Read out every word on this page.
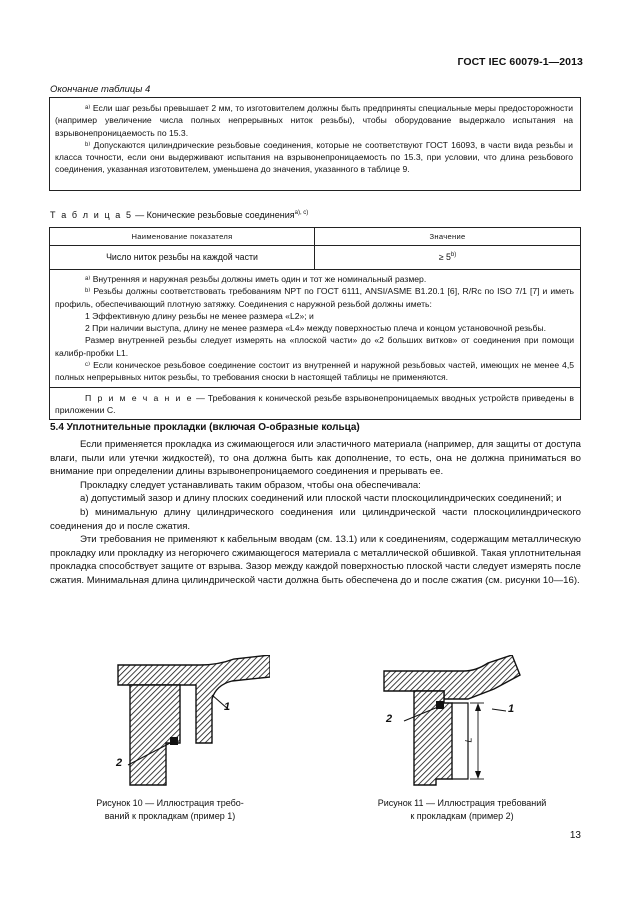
ГОСТ IEC 60079-1—2013
Окончание таблицы 4

ᵃ⁾ Если шаг резьбы превышает 2 мм, то изготовителем должны быть предприняты специальные меры предосторожности (например увеличение числа полных непрерывных ниток резьбы), чтобы оборудование выдержало испытания на взрывонепроницаемость по 15.3.

ᵇ⁾ Допускаются цилиндрические резьбовые соединения, которые не соответствуют ГОСТ 16093, в части вида резьбы и класса точности, если они выдерживают испытания на взрывонепроницаемость по 15.3, при условии, что длина резьбового соединения, указанная изготовителем, уменьшена до значения, указанного в таблице 9.

Т а б л и ц а 5 — Конические резьбовые соединения$^{a), c)}$
Наименование показателя	Значение
Число ниток резьбы на каждой части	≥ $5^{b)}$

ᵃ⁾ Внутренняя и наружная резьбы должны иметь один и тот же номинальный размер.

ᵇ⁾ Резьбы должны соответствовать требованиям NPT по ГОСТ 6111, ANSI/ASME B1.20.1 [6], R/Rc по ISO 7/1 [7] и иметь профиль, обеспечивающий плотную затяжку. Соединения с наружной резьбой должны иметь:

1 Эффективную длину резьбы не менее размера «L2»; и

2 При наличии выступа, длину не менее размера «L4» между поверхностью плеча и концом установочной резьбы.

Размер внутренней резьбы следует измерять на «плоской части» до «2 больших витков» от соединения при помощи калибр-пробки L1.

ᶜ⁾ Если коническое резьбовое соединение состоит из внутренней и наружной резьбовых частей, имеющих не менее 4,5 полных непрерывных ниток резьбы, то требования сноски b настоящей таблицы не применяются.

П р и м е ч а н и е — Требования к конической резьбе взрывонепроницаемых вводных устройств приведены в приложении С.

5.4 Уплотнительные прокладки (включая О-образные кольца)

Если применяется прокладка из сжимающегося или эластичного материала (например, для защиты от доступа влаги, пыли или утечки жидкостей), то она должна быть как дополнение, то есть, она не должна приниматься во внимание при определении длины взрывонепроницаемого соединения и прерывать ее.

Прокладку следует устанавливать таким образом, чтобы она обеспечивала:

a) допустимый зазор и длину плоских соединений или плоской части плоскоцилиндрических соединений; и

b) минимальную длину цилиндрического соединения или цилиндрической части плоскоцилиндрического соединения до и после сжатия.

Эти требования не применяют к кабельным вводам (см. 13.1) или к соединениям, содержащим металлическую прокладку или прокладку из негорючего сжимающегося материала с металлической обшивкой. Такая уплотнительная прокладка способствует защите от взрыва. Зазор между каждой поверхностью плоской части следует измерять после сжатия. Минимальная длина цилиндрической части должна быть обеспечена до и после сжатия (см. рисунки 10—16).

1
2
Рисунок 10 — Иллюстрация требо-
ваний к прокладкам (пример 1)
L
1
2
Рисунок 11 — Иллюстрация требований
к прокладкам (пример 2)
13
